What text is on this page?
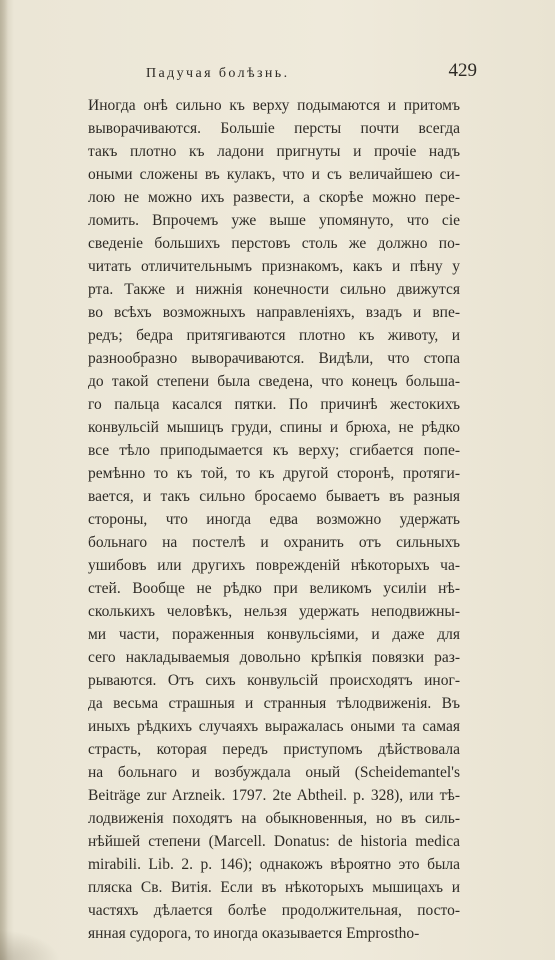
Падучая болѣзнь.	429
Иногда онѣ сильно къ верху подымаются и притомъ
выворачиваются. Большіе персты почти всегда
такъ плотно къ ладони пригнуты и прочіе надъ
оными сложены въ кулакъ, что и съ величайшею си-
лою не можно ихъ развести, а скорѣе можно пере-
ломить. Впрочемъ уже выше упомянуто, что сіе
сведеніе большихъ перстовъ столь же должно по-
читать отличительнымъ признакомъ, какъ и пѣну у
рта. Также и нижнія конечности сильно движутся
во всѣхъ возможныхъ направленіяхъ, взадъ и впе-
редъ; бедра притягиваются плотно къ животу, и
разнообразно выворачиваются. Видѣли, что стопа
до такой степени была сведена, что конецъ больша-
го пальца касался пятки. По причинѣ жестокихъ
конвульсій мышицъ груди, спины и брюха, не рѣдко
все тѣло приподымается къ верху; сгибается попе-
ремѣнно то къ той, то къ другой сторонѣ, протяги-
вается, и такъ сильно бросаемо бываетъ въ разныя
стороны, что иногда едва возможно удержать
больнаго на постелѣ и охранить отъ сильныхъ
ушибовъ или другихъ поврежденій нѣкоторыхъ ча-
стей. Вообще не рѣдко при великомъ усиліи нѣ-
сколькихъ человѣкъ, нельзя удержать неподвижны-
ми части, пораженныя конвульсіями, и даже для
сего накладываемыя довольно крѣпкія повязки раз-
рываются. Отъ сихъ конвульсій происходятъ иног-
да весьма страшныя и странныя тѣлодвиженія. Въ
иныхъ рѣдкихъ случаяхъ выражалась оными та самая
страсть, которая передъ приступомъ дѣйствовала
на больнаго и возбуждала оный (Scheidemantel's
Beiträge zur Arzneik. 1797. 2te Abtheil. p. 328), или тѣ-
лодвиженія походятъ на обыкновенныя, но въ силь-
нѣйшей степени (Marcell. Donatus: de historia medica
mirabili. Lib. 2. p. 146); однакожъ вѣроятно это была
пляска Св. Витія. Если въ нѣкоторыхъ мышицахъ и
частяхъ дѣлается болѣе продолжительная, посто-
янная судорога, то иногда оказывается Emprostho-
